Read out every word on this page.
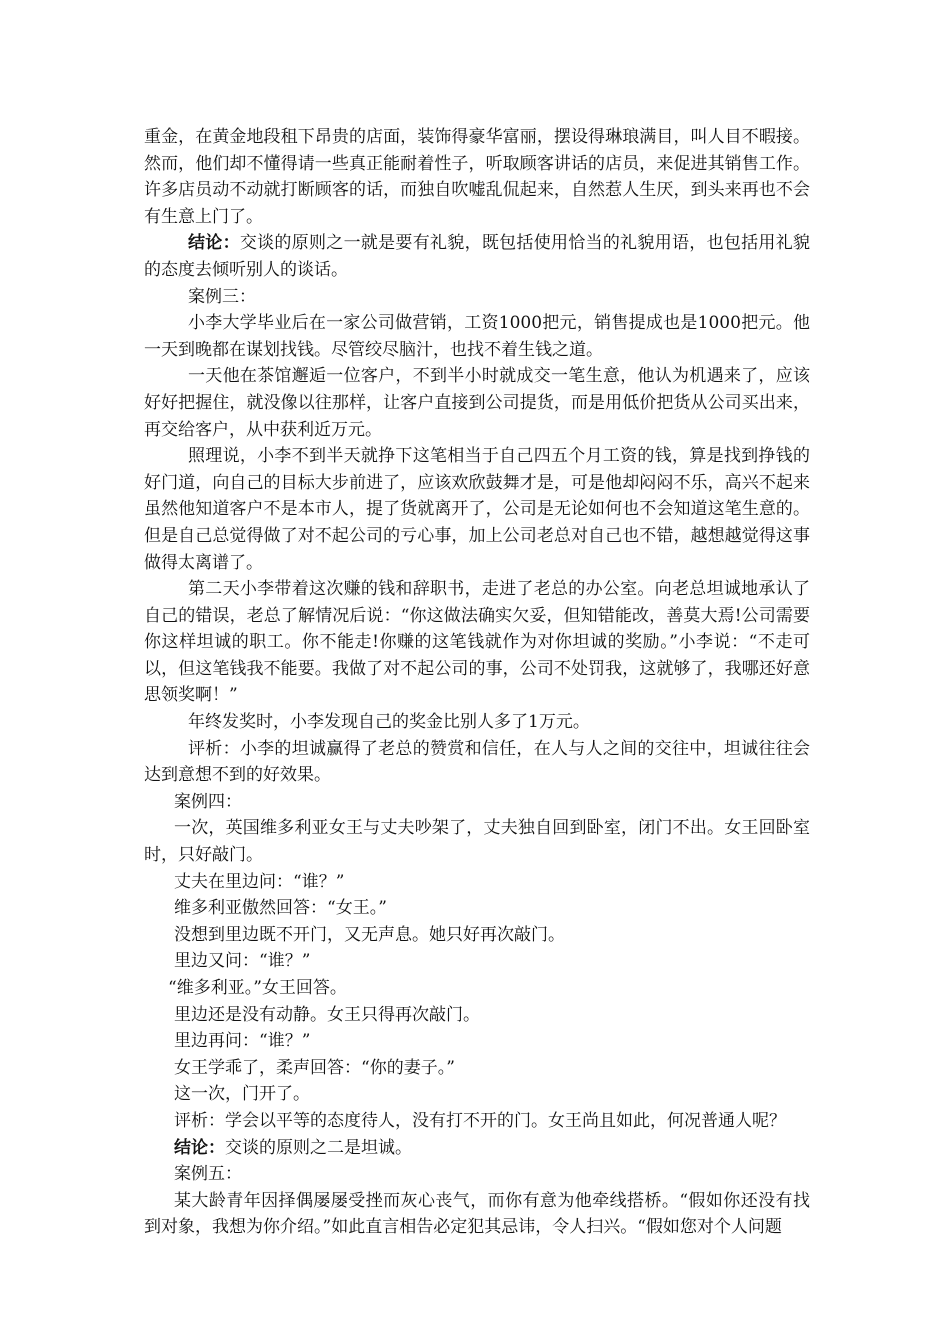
重金，在黄金地段租下昂贵的店面，装饰得豪华富丽，摆设得琳琅满目，叫人目不暇接。

然而，他们却不懂得请一些真正能耐着性子，听取顾客讲话的店员，来促进其销售工作。

许多店员动不动就打断顾客的话，而独自吹嘘乱侃起来，自然惹人生厌，到头来再也不会

有生意上门了。

结论：交谈的原则之一就是要有礼貌，既包括使用恰当的礼貌用语，也包括用礼貌的态度去倾听别人的谈话。

案例三：

小李大学毕业后在一家公司做营销，工资1000把元，销售提成也是1000把元。他一天到晚都在谋划找钱。尽管绞尽脑汁，也找不着生钱之道。

一天他在茶馆邂逅一位客户，不到半小时就成交一笔生意，他认为机遇来了，应该好好把握住，就没像以往那样，让客户直接到公司提货，而是用低价把货从公司买出来，再交给客户，从中获利近万元。

照理说，小李不到半天就挣下这笔相当于自己四五个月工资的钱，算是找到挣钱的好门道，向自己的目标大步前进了，应该欢欣鼓舞才是，可是他却闷闷不乐，高兴不起来虽然他知道客户不是本市人，提了货就离开了，公司是无论如何也不会知道这笔生意的。但是自己总觉得做了对不起公司的亏心事，加上公司老总对自己也不错，越想越觉得这事做得太离谱了。

第二天小李带着这次赚的钱和辞职书，走进了老总的办公室。向老总坦诚地承认了自己的错误，老总了解情况后说：“你这做法确实欠妥，但知错能改，善莫大焉!公司需要你这样坦诚的职工。你不能走!你赚的这笔钱就作为对你坦诚的奖励。”小李说：“不走可以，但这笔钱我不能要。我做了对不起公司的事，公司不处罚我，这就够了，我哪还好意思领奖啊！”

年终发奖时，小李发现自己的奖金比别人多了1万元。

评析：小李的坦诚赢得了老总的赞赏和信任，在人与人之间的交往中，坦诚往往会达到意想不到的好效果。

案例四：

一次，英国维多利亚女王与丈夫吵架了，丈夫独自回到卧室，闭门不出。女王回卧室时，只好敲门。

丈夫在里边问：“谁？”

维多利亚傲然回答：“女王。”

没想到里边既不开门，又无声息。她只好再次敲门。

里边又问：“谁？”

“维多利亚。”女王回答。

里边还是没有动静。女王只得再次敲门。

里边再问：“谁？”

女王学乖了，柔声回答：“你的妻子。”

这一次，门开了。

评析：学会以平等的态度待人，没有打不开的门。女王尚且如此，何况普通人呢？

结论：交谈的原则之二是坦诚。

案例五：

某大龄青年因择偶屡屡受挫而灰心丧气，而你有意为他牵线搭桥。“假如你还没有找到对象，我想为你介绍。”如此直言相告必定犯其忌讳，令人扫兴。“假如您对个人问题
